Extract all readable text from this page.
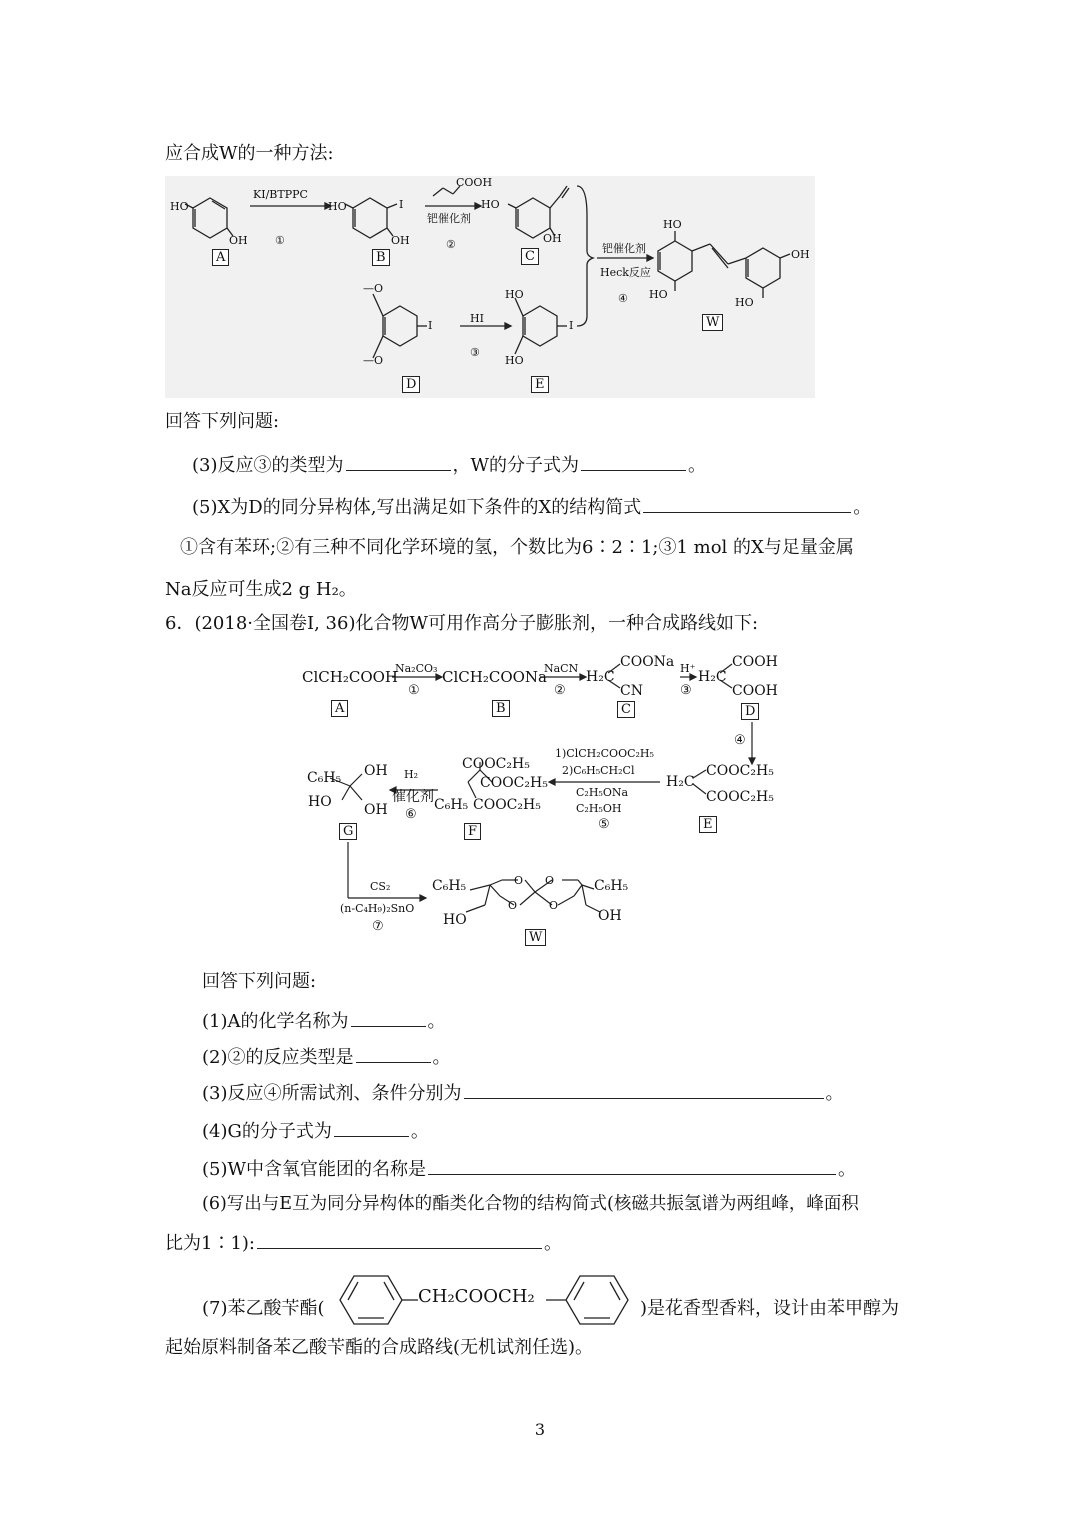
应合成W的一种方法:
HO
OH
KI/BTPPC
①
HO	I
OH
COOH
钯催化剂
②
HO
OH
钯催化剂
Heck反应
④
HO
HO
OH
HO
—O
—O
I
HI
③
HO
HO
I
A	B	C
W
D	E
回答下列问题:
(3)反应③的类型为	，W的分子式为	。
(5)X为D的同分异构体,写出满足如下条件的X的结构简式	。
①含有苯环;②有三种不同化学环境的氢，个数比为6∶2∶1;③1 mol 的X与足量金属
Na反应可生成2 g H₂。
6．(2018·全国卷Ⅰ, 36)化合物W可用作高分子膨胀剂，一种合成路线如下:
ClCH₂COOH
Na₂CO₃
①
ClCH₂COONa
NaCN
②
COONa
H₂C
CN
H⁺
③
COOH
H₂C
COOH
④
COOC₂H₅
H₂C
COOC₂H₅
1)ClCH₂COOC₂H₅
2)C₆H₅CH₂Cl
C₂H₅ONa
C₂H₅OH
⑤
COOC₂H₅
COOC₂H₅
C₆H₅ COOC₂H₅
H₂
催化剂
⑥
C₆H₅ OH
HO OH
CS₂
(n-C₄H₉)₂SnO
⑦
C₆H₅	C₆H₅
HO	OH
O O
O	O
A	B	C	D
E
F
G
W
回答下列问题:
(1)A的化学名称为	。
(2)②的反应类型是	。
(3)反应④所需试剂、条件分别为	。
(4)G的分子式为	。
(5)W中含氧官能团的名称是	。
(6)写出与E互为同分异构体的酯类化合物的结构简式(核磁共振氢谱为两组峰，峰面积
比为1∶1):	。
(7)苯乙酸苄酯(
CH₂COOCH₂
)是花香型香料，设计由苯甲醇为
起始原料制备苯乙酸苄酯的合成路线(无机试剂任选)。
3
